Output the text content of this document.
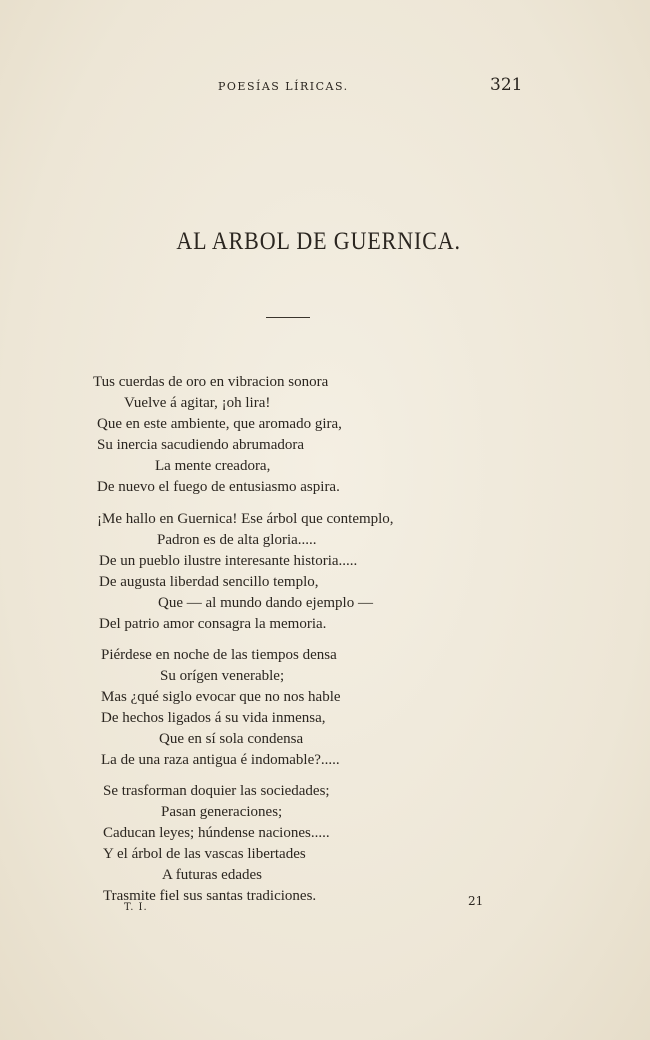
POESÍAS LÍRICAS.	321
AL ARBOL DE GUERNICA.
Tus cuerdas de oro en vibracion sonora
Vuelve á agitar, ¡oh lira!
Que en este ambiente, que aromado gira,
Su inercia sacudiendo abrumadora
La mente creadora,
De nuevo el fuego de entusiasmo aspira.
¡Me hallo en Guernica! Ese árbol que contemplo,
Padron es de alta gloria.....
De un pueblo ilustre interesante historia.....
De augusta liberdad sencillo templo,
Que — al mundo dando ejemplo —
Del patrio amor consagra la memoria.
Piérdese en noche de las tiempos densa
Su orígen venerable;
Mas ¿qué siglo evocar que no nos hable
De hechos ligados á su vida inmensa,
Que en sí sola condensa
La de una raza antigua é indomable?.....
Se trasforman doquier las sociedades;
Pasan generaciones;
Caducan leyes; húndense naciones.....
Y el árbol de las vascas libertades
A futuras edades
Trasmite fiel sus santas tradiciones.
T. I.	21
